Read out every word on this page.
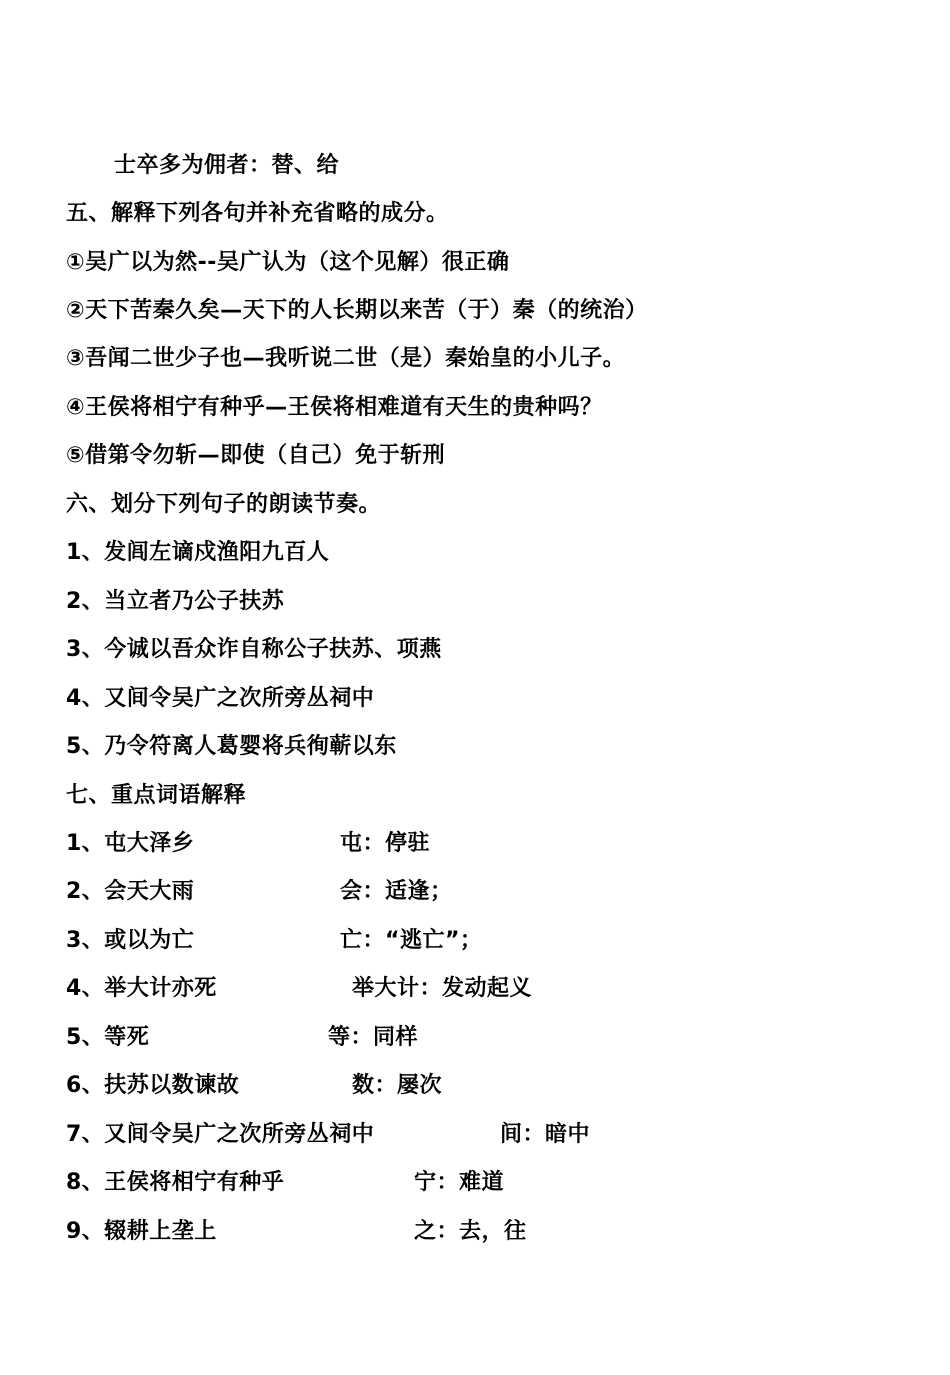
士卒多为佣者：替、给
五、解释下列各句并补充省略的成分。
①吴广以为然--吴广认为（这个见解）很正确
②天下苦秦久矣—天下的人长期以来苦（于）秦（的统治）
③吾闻二世少子也—我听说二世（是）秦始皇的小儿子。
④王侯将相宁有种乎—王侯将相难道有天生的贵种吗？
⑤借第令勿斩—即使（自己）免于斩刑
六、划分下列句子的朗读节奏。
1、发闾左谪戍渔阳九百人
2、当立者乃公子扶苏
3、今诚以吾众诈自称公子扶苏、项燕
4、又间令吴广之次所旁丛祠中
5、乃令符离人葛婴将兵徇蕲以东
七、重点词语解释
1、屯大泽乡	屯：停驻
2、会天大雨	会：适逢；
3、或以为亡	亡：“逃亡”；
4、举大计亦死	举大计：发动起义
5、等死	等：同样
6、扶苏以数谏故	数：屡次
7、又间令吴广之次所旁丛祠中	间：暗中
8、王侯将相宁有种乎	宁：难道
9、辍耕上垄上	之：去，往
